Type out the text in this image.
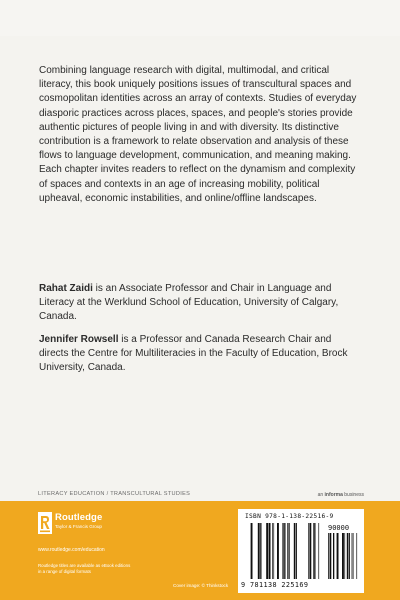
Combining language research with digital, multimodal, and critical literacy, this book uniquely positions issues of transcultural spaces and cosmopolitan identities across an array of contexts. Studies of everyday diasporic practices across places, spaces, and people's stories provide authentic pictures of people living in and with diversity. Its distinctive contribution is a framework to relate observation and analysis of these flows to language development, communication, and meaning making. Each chapter invites readers to reflect on the dynamism and complexity of spaces and contexts in an age of increasing mobility, political upheaval, economic instabilities, and online/offline landscapes.

Rahat Zaidi is an Associate Professor and Chair in Language and Literacy at the Werklund School of Education, University of Calgary, Canada.

Jennifer Rowsell is a Professor and Canada Research Chair and directs the Centre for Multiliteracies in the Faculty of Education, Brock University, Canada.

LITERACY EDUCATION / TRANSCULTURAL STUDIES	an informa business
Routledge
Taylor & Francis Group
www.routledge.com/education
Routledge titles are available as eBook editions in a range of digital formats
Cover image: © Thinkstock
ISBN 978-1-138-22516-9
90000
9 781138 225169
